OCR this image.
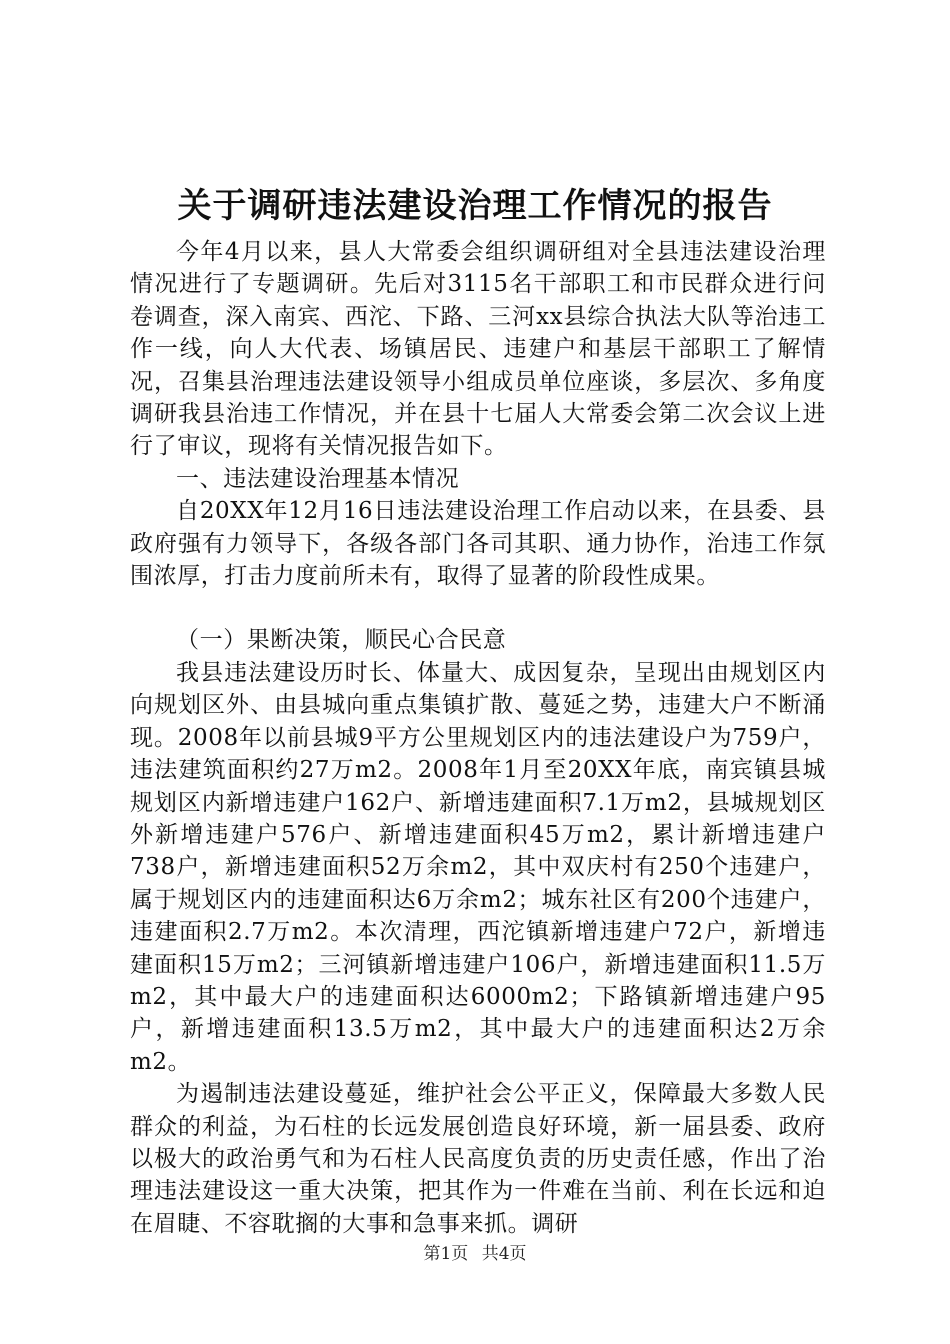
关于调研违法建设治理工作情况的报告

今年4月以来，县人大常委会组织调研组对全县违法建设治理情况进行了专题调研。先后对3115名干部职工和市民群众进行问卷调查，深入南宾、西沱、下路、三河xx县综合执法大队等治违工作一线，向人大代表、场镇居民、违建户和基层干部职工了解情况，召集县治理违法建设领导小组成员单位座谈，多层次、多角度调研我县治违工作情况，并在县十七届人大常委会第二次会议上进行了审议，现将有关情况报告如下。

一、违法建设治理基本情况

自20XX年12月16日违法建设治理工作启动以来，在县委、县政府强有力领导下，各级各部门各司其职、通力协作，治违工作氛围浓厚，打击力度前所未有，取得了显著的阶段性成果。

（一）果断决策，顺民心合民意

我县违法建设历时长、体量大、成因复杂，呈现出由规划区内向规划区外、由县城向重点集镇扩散、蔓延之势，违建大户不断涌现。2008年以前县城9平方公里规划区内的违法建设户为759户，违法建筑面积约27万m2。2008年1月至20XX年底，南宾镇县城规划区内新增违建户162户、新增违建面积7.1万m2，县城规划区外新增违建户576户、新增违建面积45万m2，累计新增违建户738户，新增违建面积52万余m2，其中双庆村有250个违建户，属于规划区内的违建面积达6万余m2；城东社区有200个违建户，违建面积2.7万m2。本次清理，西沱镇新增违建户72户，新增违建面积15万m2；三河镇新增违建户106户，新增违建面积11.5万m2，其中最大户的违建面积达6000m2；下路镇新增违建户95户，新增违建面积13.5万m2，其中最大户的违建面积达2万余m2。

为遏制违法建设蔓延，维护社会公平正义，保障最大多数人民群众的利益，为石柱的长远发展创造良好环境，新一届县委、政府以极大的政治勇气和为石柱人民高度负责的历史责任感，作出了治理违法建设这一重大决策，把其作为一件难在当前、利在长远和迫在眉睫、不容耽搁的大事和急事来抓。调研

第1页 共4页
